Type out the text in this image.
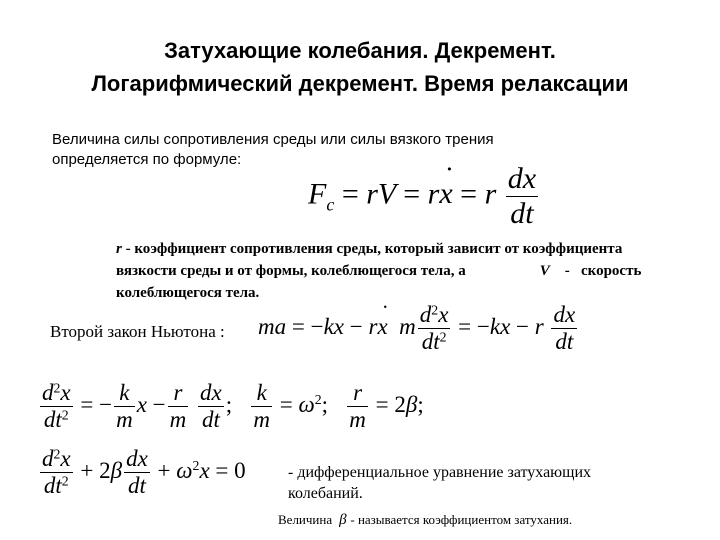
Затухающие колебания. Декремент.
Логарифмический декремент. Время релаксации
Величина силы сопротивления среды или силы вязкого трения
определяется по формуле:
$F_c$ = rV = rx ˙ = r $\frac{dx}{dt}$
r - коэффициент сопротивления среды, который зависит от коэффициента
вязкости среды и от формы, колеблющегося тела, а	V    -   скорость
колеблющегося тела.
Второй закон Ньютона : ma = −kx − rx ˙  m $\frac{d^2x}{dt^2} = -kx - r \frac{dx}{dt}$
$\frac{d^2x}{dt^2}$ = − $\frac{k}{m}$ $x - \frac{r}{m}$
$\frac{dx}{dt}$ ; $\frac{k}{m} = \omega^2$; $\frac{r}{m} = 2\beta$;
$\frac{d^2x}{dt^2} + 2\beta \frac{dx}{dt} + \omega^2x = 0$	- дифференциальное уравнение затухающих
колебаний.
Величина  β - называется коэффициентом затухания.
